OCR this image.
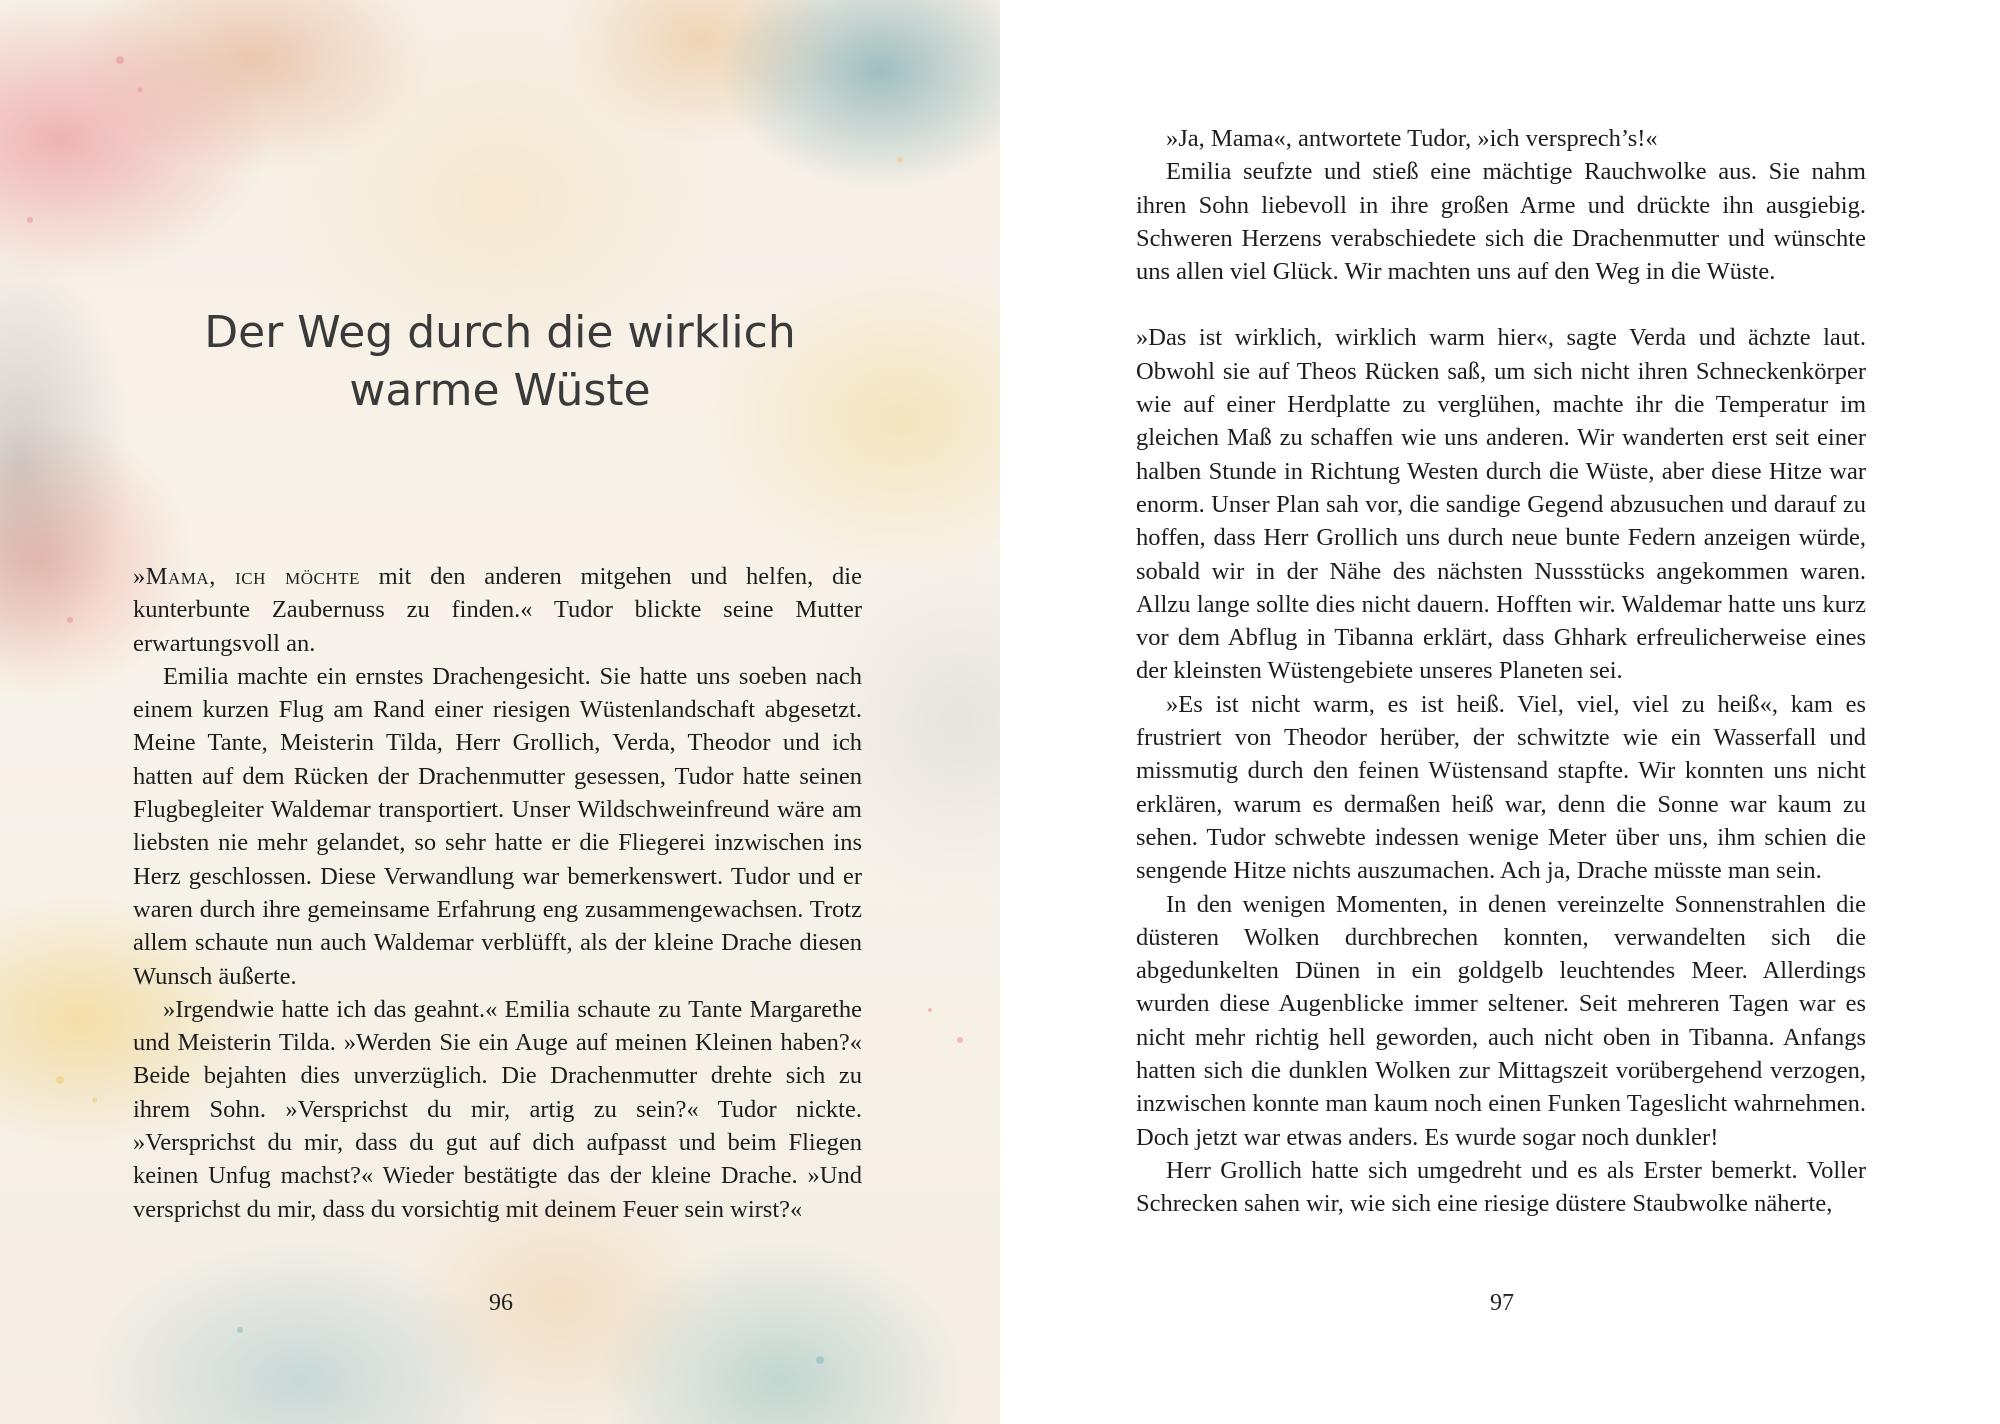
Der Weg durch die wirklich
warme Wüste

»Mama, ich möchte mit den anderen mitgehen und helfen, die kunterbunte Zaubernuss zu finden.« Tudor blickte seine Mutter erwartungsvoll an.

Emilia machte ein ernstes Drachengesicht. Sie hatte uns soeben nach einem kurzen Flug am Rand einer riesigen Wüstenlandschaft abgesetzt. Meine Tante, Meisterin Tilda, Herr Grollich, Verda, Theodor und ich hatten auf dem Rücken der Drachenmutter gesessen, Tudor hatte seinen Flugbegleiter Waldemar transportiert. Unser Wildschweinfreund wäre am liebsten nie mehr gelandet, so sehr hatte er die Fliegerei inzwischen ins Herz geschlossen. Diese Verwandlung war bemerkenswert. Tudor und er waren durch ihre gemeinsame Erfahrung eng zusammengewachsen. Trotz allem schaute nun auch Waldemar verblüfft, als der kleine Drache diesen Wunsch äußerte.

»Irgendwie hatte ich das geahnt.« Emilia schaute zu Tante Margarethe und Meisterin Tilda. »Werden Sie ein Auge auf meinen Kleinen haben?« Beide bejahten dies unverzüglich. Die Drachenmutter drehte sich zu ihrem Sohn. »Versprichst du mir, artig zu sein?« Tudor nickte. »Versprichst du mir, dass du gut auf dich aufpasst und beim Fliegen keinen Unfug machst?« Wieder bestätigte das der kleine Drache. »Und versprichst du mir, dass du vorsichtig mit deinem Feuer sein wirst?«

96

»Ja, Mama«, antwortete Tudor, »ich versprech’s!«

Emilia seufzte und stieß eine mächtige Rauchwolke aus. Sie nahm ihren Sohn liebevoll in ihre großen Arme und drückte ihn ausgiebig. Schweren Herzens verabschiedete sich die Drachenmutter und wünschte uns allen viel Glück. Wir machten uns auf den Weg in die Wüste.

»Das ist wirklich, wirklich warm hier«, sagte Verda und ächzte laut. Obwohl sie auf Theos Rücken saß, um sich nicht ihren Schneckenkörper wie auf einer Herdplatte zu verglühen, machte ihr die Temperatur im gleichen Maß zu schaffen wie uns anderen. Wir wanderten erst seit einer halben Stunde in Richtung Westen durch die Wüste, aber diese Hitze war enorm. Unser Plan sah vor, die sandige Gegend abzusuchen und darauf zu hoffen, dass Herr Grollich uns durch neue bunte Federn anzeigen würde, sobald wir in der Nähe des nächsten Nussstücks angekommen waren. Allzu lange sollte dies nicht dauern. Hofften wir. Waldemar hatte uns kurz vor dem Abflug in Tibanna erklärt, dass Ghhark erfreulicherweise eines der kleinsten Wüstengebiete unseres Planeten sei.

»Es ist nicht warm, es ist heiß. Viel, viel, viel zu heiß«, kam es frustriert von Theodor herüber, der schwitzte wie ein Wasserfall und missmutig durch den feinen Wüstensand stapfte. Wir konnten uns nicht erklären, warum es dermaßen heiß war, denn die Sonne war kaum zu sehen. Tudor schwebte indessen wenige Meter über uns, ihm schien die sengende Hitze nichts auszumachen. Ach ja, Drache müsste man sein.

In den wenigen Momenten, in denen vereinzelte Sonnenstrahlen die düsteren Wolken durchbrechen konnten, verwandelten sich die abgedunkelten Dünen in ein goldgelb leuchtendes Meer. Allerdings wurden diese Augenblicke immer seltener. Seit mehreren Tagen war es nicht mehr richtig hell geworden, auch nicht oben in Tibanna. Anfangs hatten sich die dunklen Wolken zur Mittagszeit vorübergehend verzogen, inzwischen konnte man kaum noch einen Funken Tageslicht wahrnehmen. Doch jetzt war etwas anders. Es wurde sogar noch dunkler!

Herr Grollich hatte sich umgedreht und es als Erster bemerkt. Voller Schrecken sahen wir, wie sich eine riesige düstere Staubwolke näherte,

97
